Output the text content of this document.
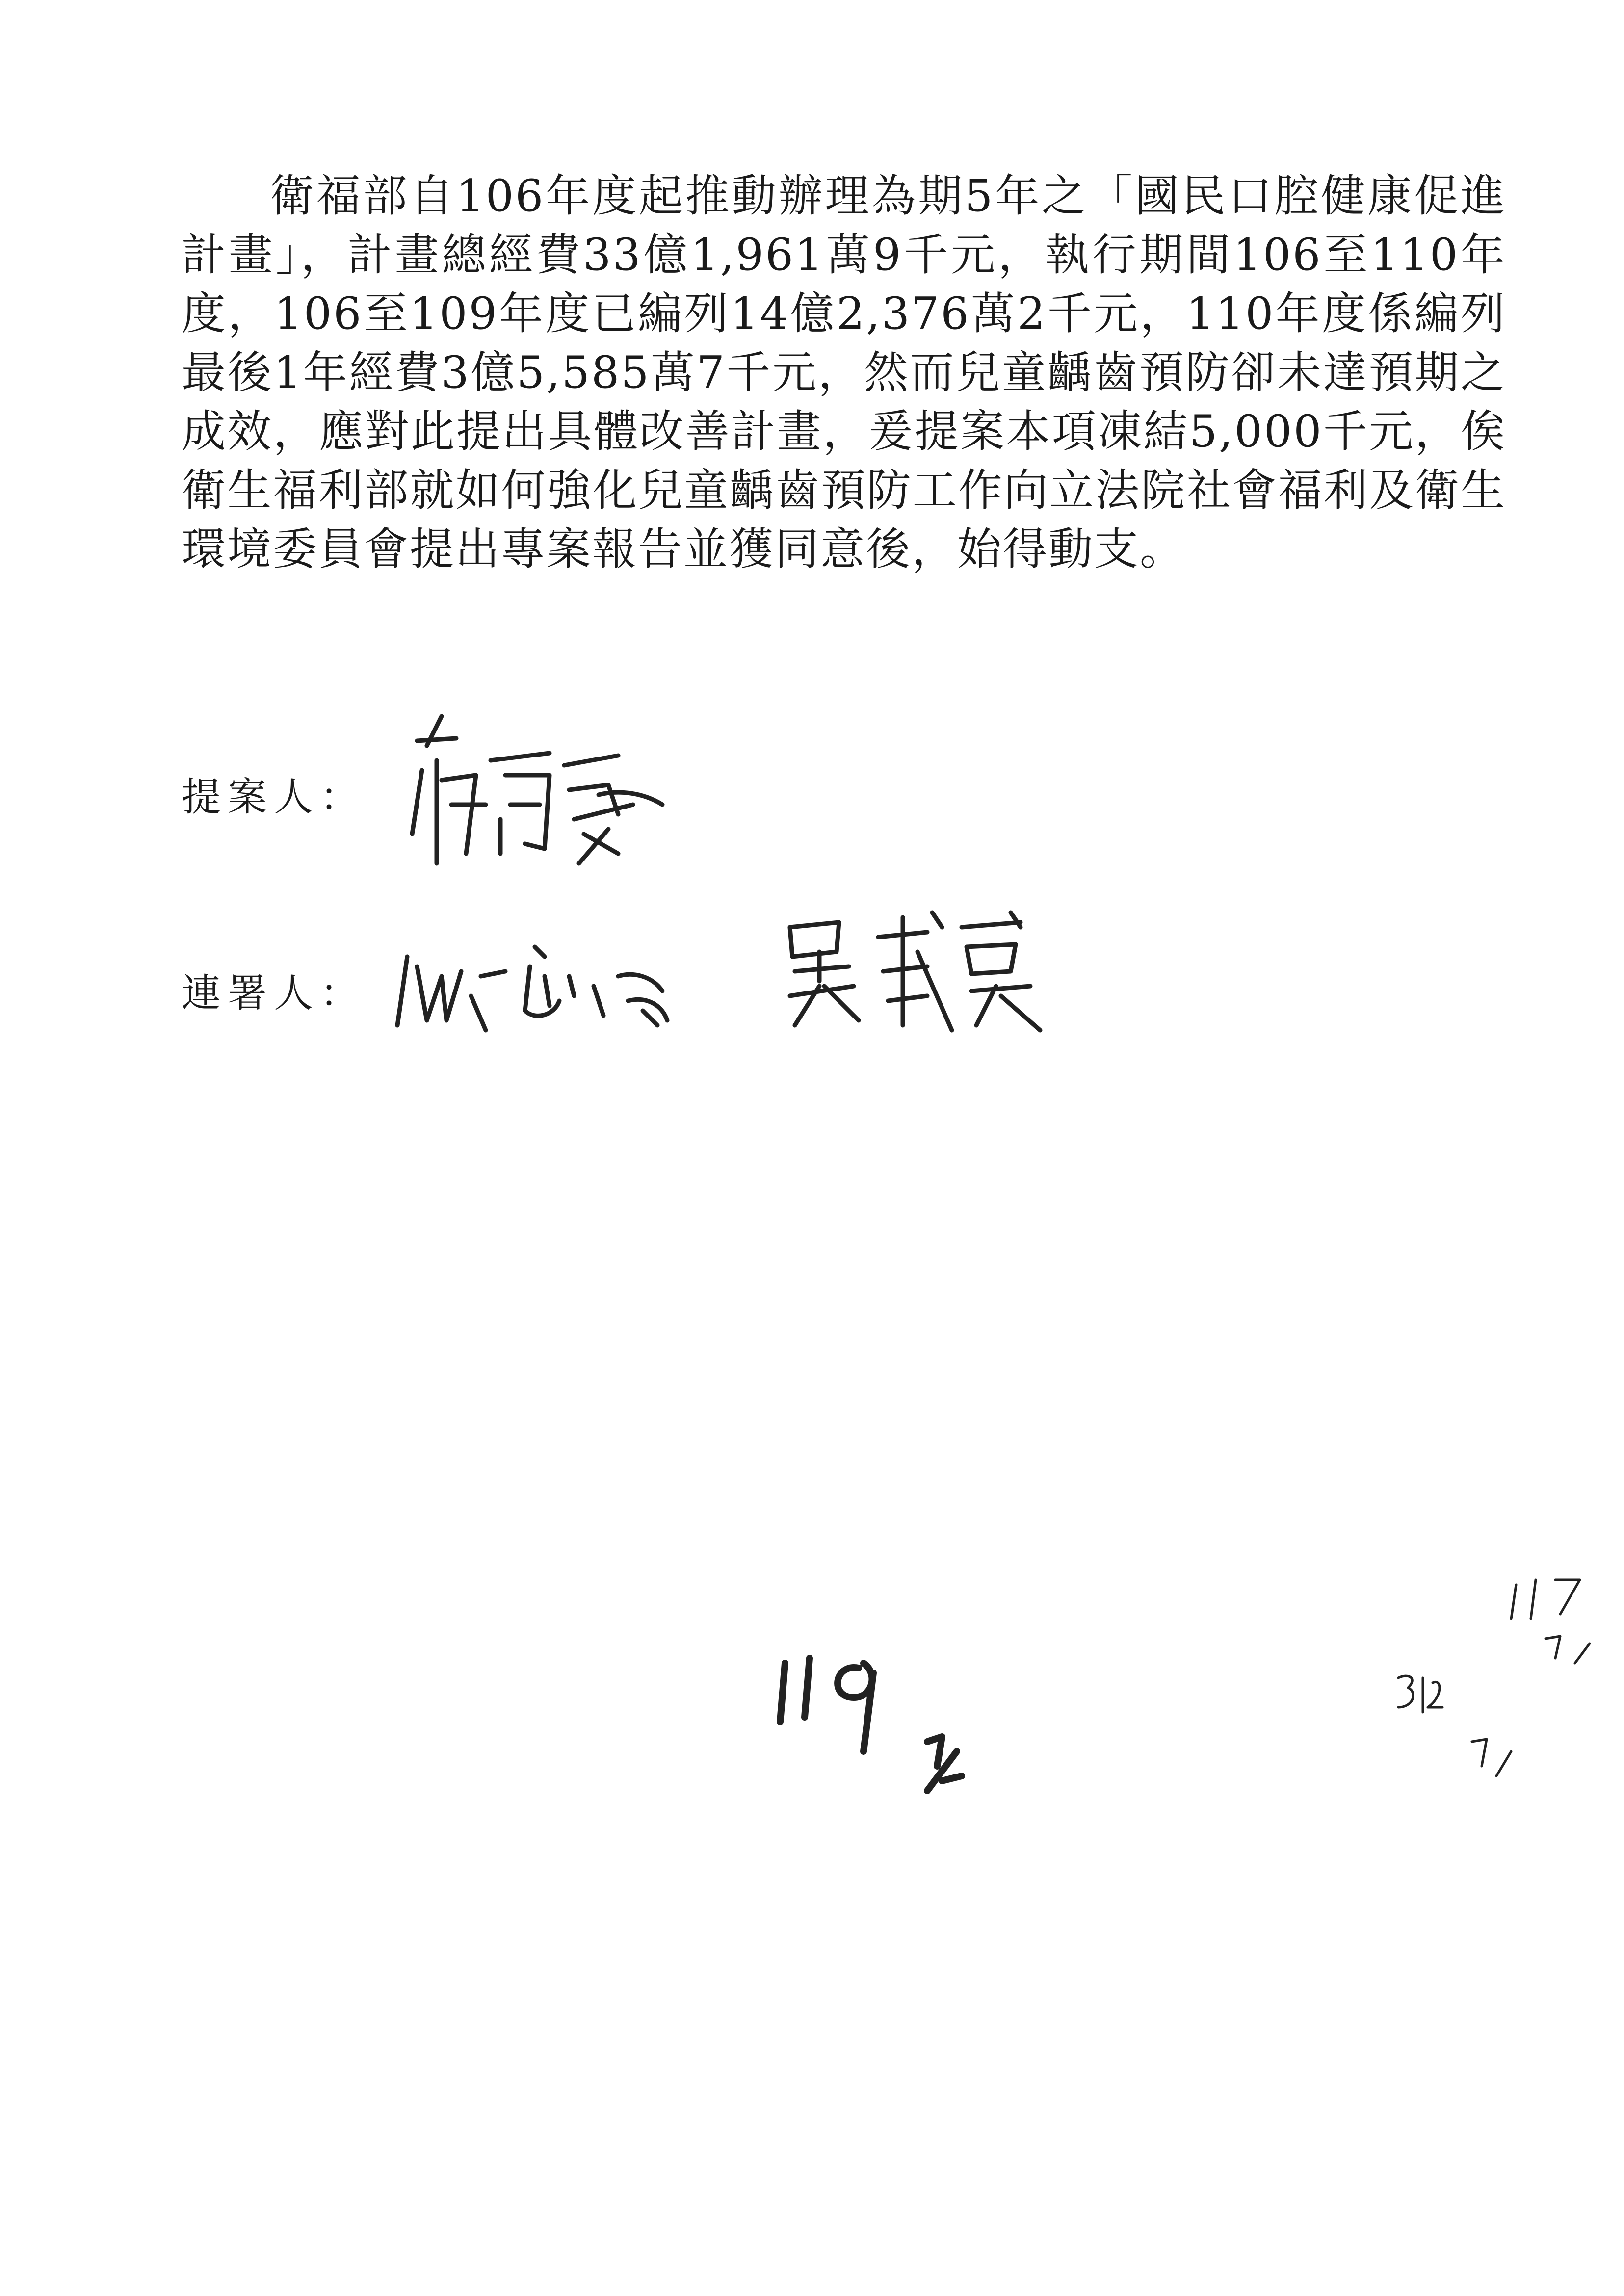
衛福部自106年度起推動辦理為期5年之「國民口腔健康促進計畫」，計畫總經費33億1,961萬9千元，執行期間106至110年度，106至109年度已編列14億2,376萬2千元，110年度係編列最後1年經費3億5,585萬7千元，然而兒童齲齒預防卻未達預期之成效，應對此提出具體改善計畫，爰提案本項凍結5,000千元，俟衛生福利部就如何強化兒童齲齒預防工作向立法院社會福利及衛生環境委員會提出專案報告並獲同意後，始得動支。

提案人：
連署人：
